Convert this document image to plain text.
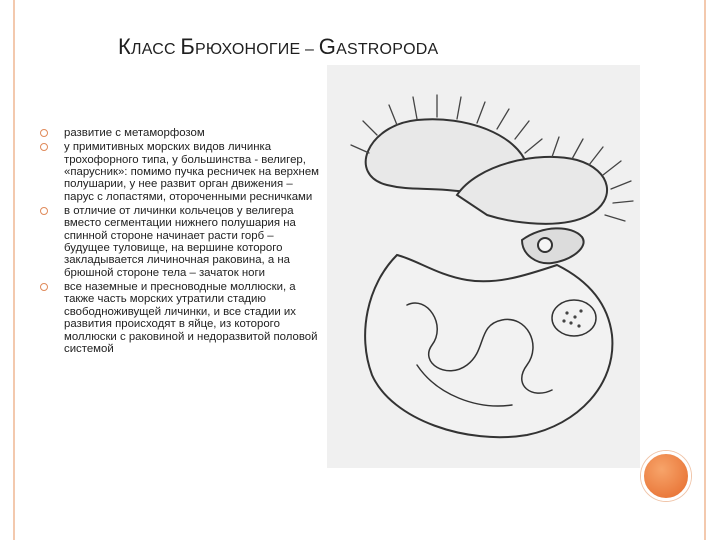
КЛАСС БРЮХОНОГИЕ – GASTROPODA
развитие с метаморфозом
у примитивных морских видов личинка трохофорного типа, у большинства - велигер, «парусник»: помимо пучка ресничек на верхнем полушарии, у нее развит орган движения – парус с лопастями, отороченными ресничками
в отличие от личинки кольчецов у велигера вместо сегментации нижнего полушария на спинной стороне начинает расти горб – будущее туловище, на вершине которого закладывается личиночная раковина, а на брюшной стороне тела – зачаток ноги
все наземные и пресноводные моллюски, а также часть морских утратили стадию свободноживущей личинки, и все стадии их развития происходят в яйце, из которого моллюски с раковиной и недоразвитой половой системой
